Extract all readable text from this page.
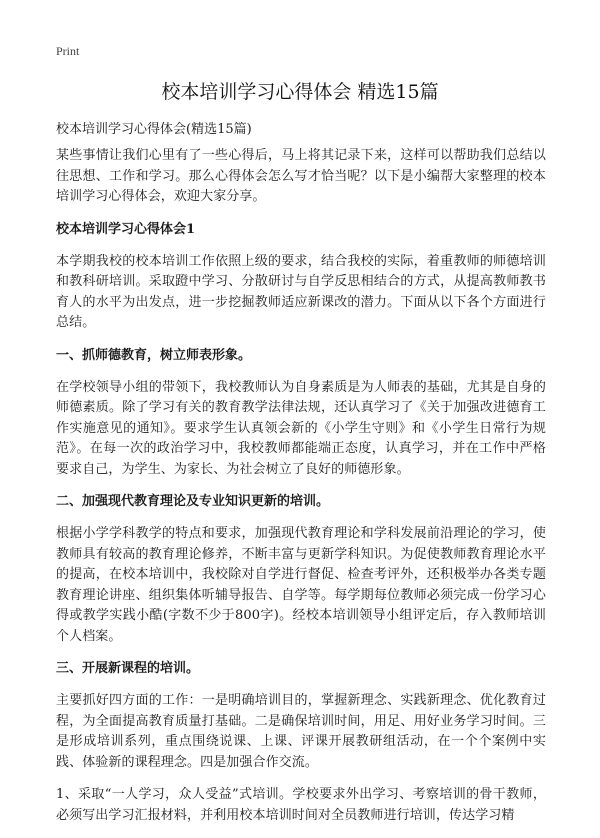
Print
校本培训学习心得体会 精选15篇
校本培训学习心得体会(精选15篇)

某些事情让我们心里有了一些心得后，马上将其记录下来，这样可以帮助我们总结以往思想、工作和学习。那么心得体会怎么写才恰当呢？以下是小编帮大家整理的校本培训学习心得体会，欢迎大家分享。

校本培训学习心得体会1

本学期我校的校本培训工作依照上级的要求，结合我校的实际，着重教师的师德培训和教科研培训。采取蹬中学习、分散研讨与自学反思相结合的方式，从提高教师教书育人的水平为出发点，进一步挖掘教师适应新课改的潜力。下面从以下各个方面进行总结。

一、抓师德教育，树立师表形象。

在学校领导小组的带领下，我校教师认为自身素质是为人师表的基础，尤其是自身的师德素质。除了学习有关的教育教学法律法规，还认真学习了《关于加强改进德育工作实施意见的通知》。要求学生认真领会新的《小学生守则》和《小学生日常行为规范》。在每一次的政治学习中，我校教师都能端正态度，认真学习，并在工作中严格要求自己，为学生、为家长、为社会树立了良好的师德形象。

二、加强现代教育理论及专业知识更新的培训。

根据小学学科教学的特点和要求，加强现代教育理论和学科发展前沿理论的学习，使教师具有较高的教育理论修养，不断丰富与更新学科知识。为促使教师教育理论水平的提高，在校本培训中，我校除对自学进行督促、检查考评外，还积极举办各类专题教育理论讲座、组织集体听辅导报告、自学等。每学期每位教师必须完成一份学习心得或教学实践小酷(字数不少于800字)。经校本培训领导小组评定后，存入教师培训个人档案。

三、开展新课程的培训。

主要抓好四方面的工作：一是明确培训目的，掌握新理念、实践新理念、优化教育过程，为全面提高教育质量打基础。二是确保培训时间，用足、用好业务学习时间。三是形成培训系列，重点围绕说课、上课、评课开展教研组活动，在一个个案例中实践、体验新的课程理念。四是加强合作交流。

1、采取“一人学习，众人受益”式培训。学校要求外出学习、考察培训的骨干教师，必须写出学习汇报材料，并利用校本培训时间对全员教师进行培训，传达学习精
